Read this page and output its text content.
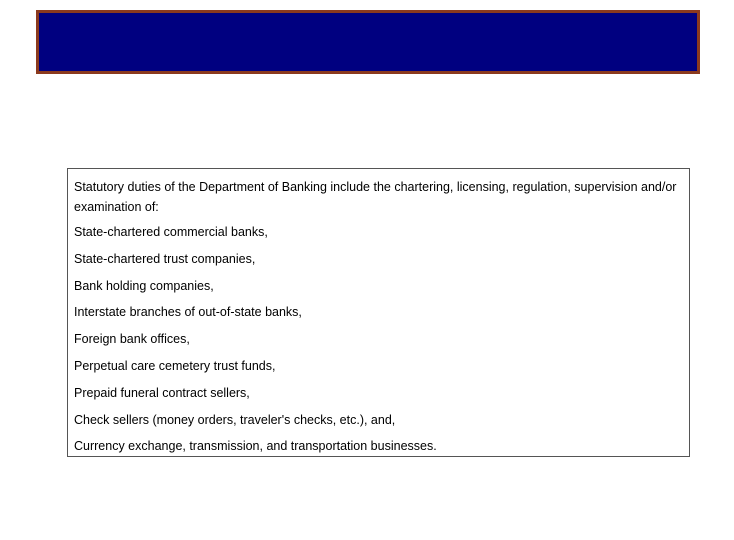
Statutory duties of the Department of Banking include the chartering, licensing, regulation, supervision and/or examination of:

State-chartered commercial banks,
State-chartered trust companies,
Bank holding companies,
Interstate branches of out-of-state banks,
Foreign bank offices,
Perpetual care cemetery trust funds,
Prepaid funeral contract sellers,
Check sellers (money orders, traveler's checks, etc.), and,
Currency exchange, transmission, and transportation businesses.
